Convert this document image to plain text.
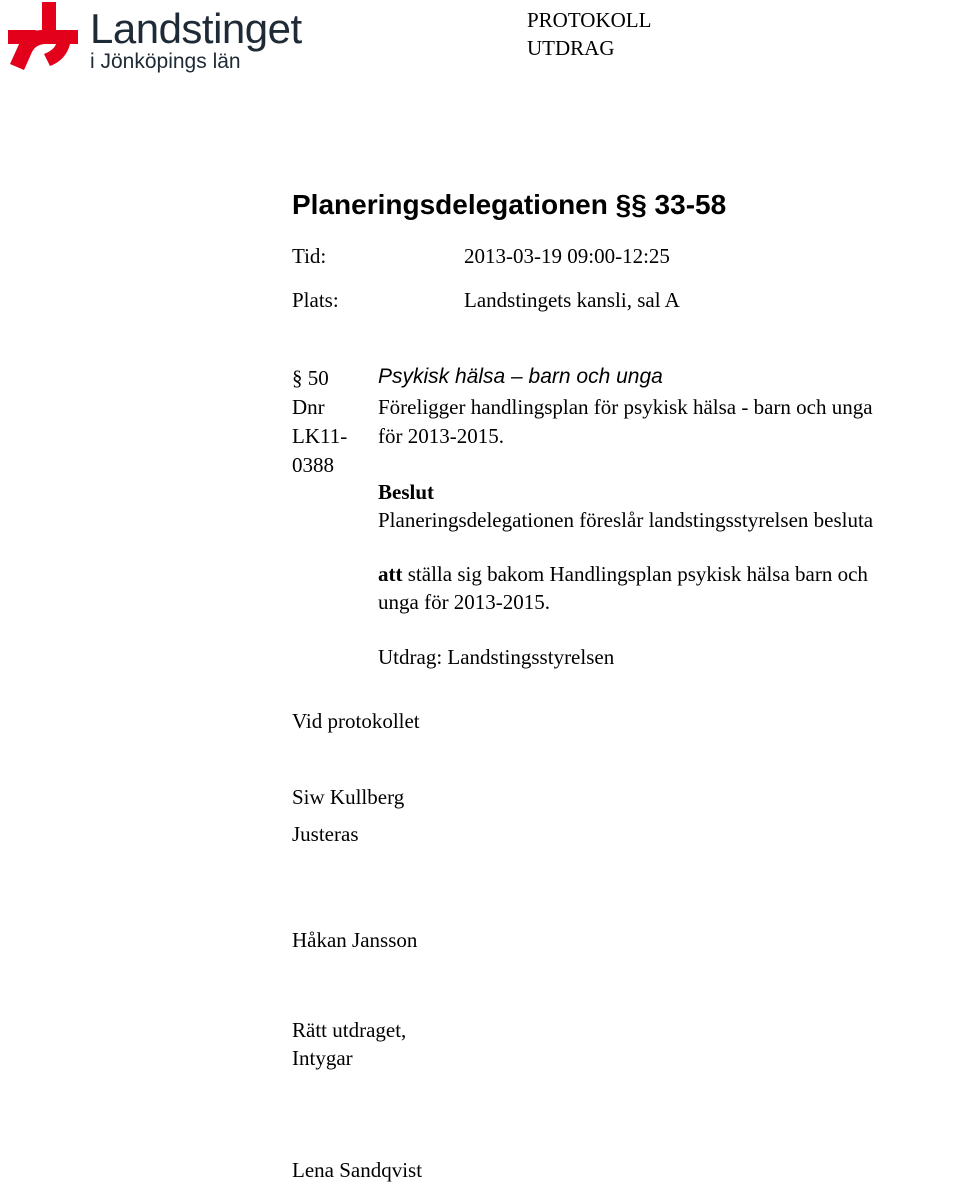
Landstinget
i Jönköpings län
PROTOKOLL
UTDRAG
Planeringsdelegationen §§ 33-58
Tid:	2013-03-19 09:00-12:25
Plats:	Landstingets kansli, sal A
§ 50
Dnr
LK11-
0388
Psykisk hälsa – barn och unga
Föreligger handlingsplan för psykisk hälsa - barn och unga
för 2013-2015.
Beslut
Planeringsdelegationen föreslår landstingsstyrelsen besluta
att ställa sig bakom Handlingsplan psykisk hälsa barn och
unga för 2013-2015.
Utdrag: Landstingsstyrelsen
Vid protokollet
Siw Kullberg
Justeras
Håkan Jansson
Rätt utdraget,
Intygar
Lena Sandqvist
